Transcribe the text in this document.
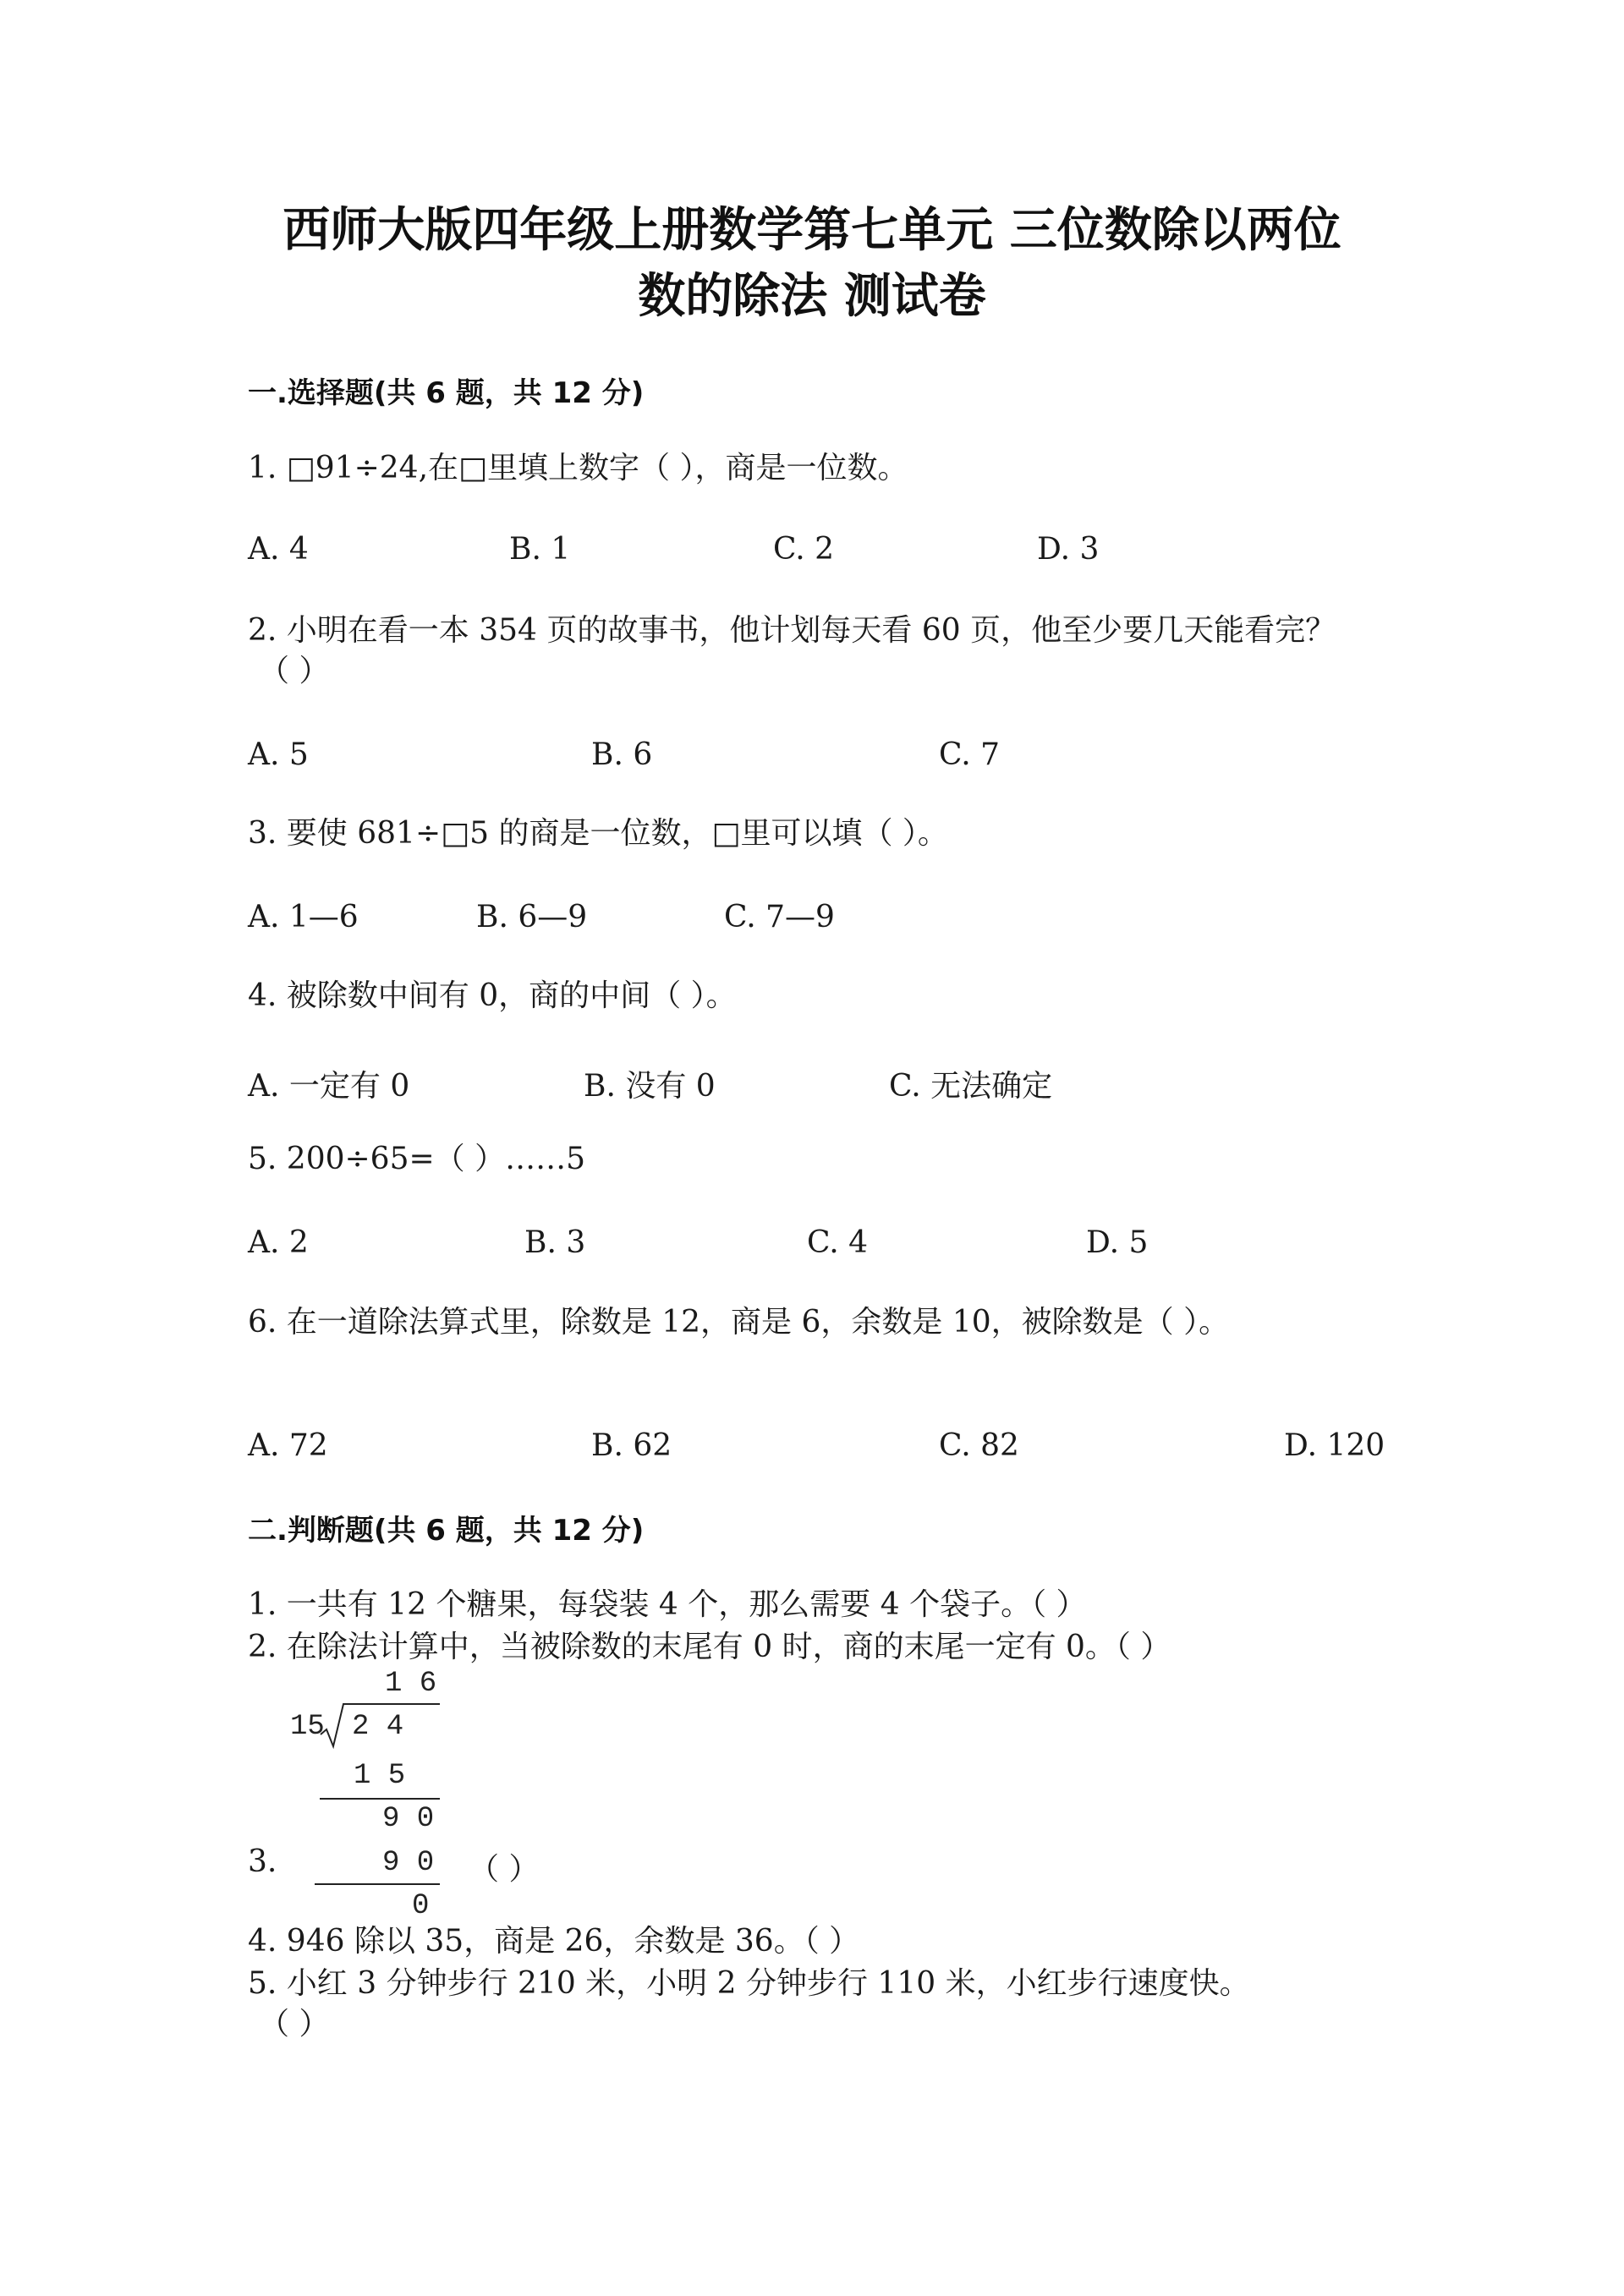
西师大版四年级上册数学第七单元 三位数除以两位
数的除法 测试卷
一.选择题(共 6 题，共 12 分)
1. □91÷24,在□里填上数字（ ），商是一位数。
A. 4	B. 1	C. 2	D. 3
2. 小明在看一本 354 页的故事书，他计划每天看 60 页，他至少要几天能看完？
（ ）
A. 5	B. 6	C. 7
3. 要使 681÷□5 的商是一位数，□里可以填（ ）。
A. 1—6	B. 6—9	C. 7—9
4. 被除数中间有 0，商的中间（ ）。
A. 一定有 0	B. 没有 0	C. 无法确定
5. 200÷65=（ ）……5
A. 2	B. 3	C. 4	D. 5
6. 在一道除法算式里，除数是 12，商是 6，余数是 10，被除数是（ ）。
A. 72	B. 62	C. 82	D. 120
二.判断题(共 6 题，共 12 分)
1. 一共有 12 个糖果，每袋装 4 个，那么需要 4 个袋子。（ ）
2. 在除法计算中，当被除数的末尾有 0 时，商的末尾一定有 0。（ ）
1 6
15 2 4
1 5
9 0
9 0
0
3.	（ ）
4. 946 除以 35，商是 26，余数是 36。（ ）
5. 小红 3 分钟步行 210 米，小明 2 分钟步行 110 米，小红步行速度快。
（ ）
